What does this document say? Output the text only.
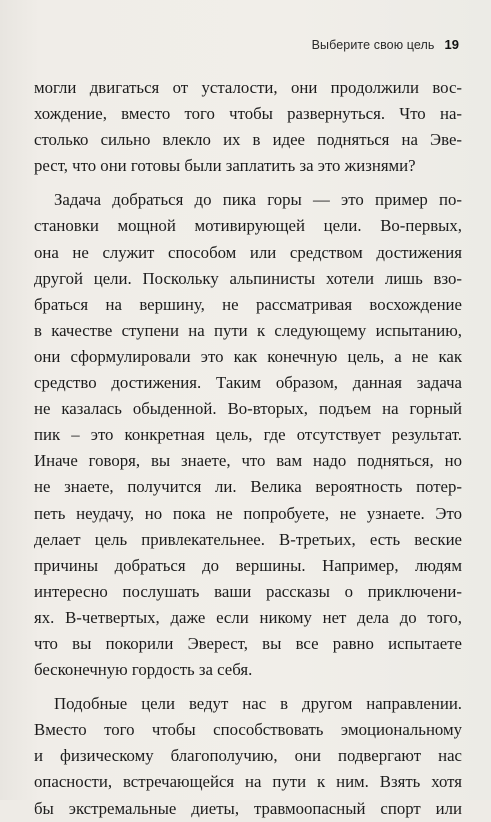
Выберите свою цель 19
могли двигаться от усталости, они продолжили вос-
хождение, вместо того чтобы развернуться. Что на-
столько сильно влекло их в идее подняться на Эве-
рест, что они готовы были заплатить за это жизнями?
Задача добраться до пика горы — это пример по-
становки мощной мотивирующей цели. Во-первых,
она не служит способом или средством достижения
другой цели. Поскольку альпинисты хотели лишь взо-
браться на вершину, не рассматривая восхождение
в качестве ступени на пути к следующему испытанию,
они сформулировали это как конечную цель, а не как
средство достижения. Таким образом, данная задача
не казалась обыденной. Во-вторых, подъем на горный
пик – это конкретная цель, где отсутствует результат.
Иначе говоря, вы знаете, что вам надо подняться, но
не знаете, получится ли. Велика вероятность потер-
петь неудачу, но пока не попробуете, не узнаете. Это
делает цель привлекательнее. В-третьих, есть веские
причины добраться до вершины. Например, людям
интересно послушать ваши рассказы о приключени-
ях. В-четвертых, даже если никому нет дела до того,
что вы покорили Эверест, вы все равно испытаете
бесконечную гордость за себя.
Подобные цели ведут нас в другом направлении.
Вместо того чтобы способствовать эмоциональному
и физическому благополучию, они подвергают нас
опасности, встречающейся на пути к ним. Взять хотя
бы экстремальные диеты, травмоопасный спорт или
